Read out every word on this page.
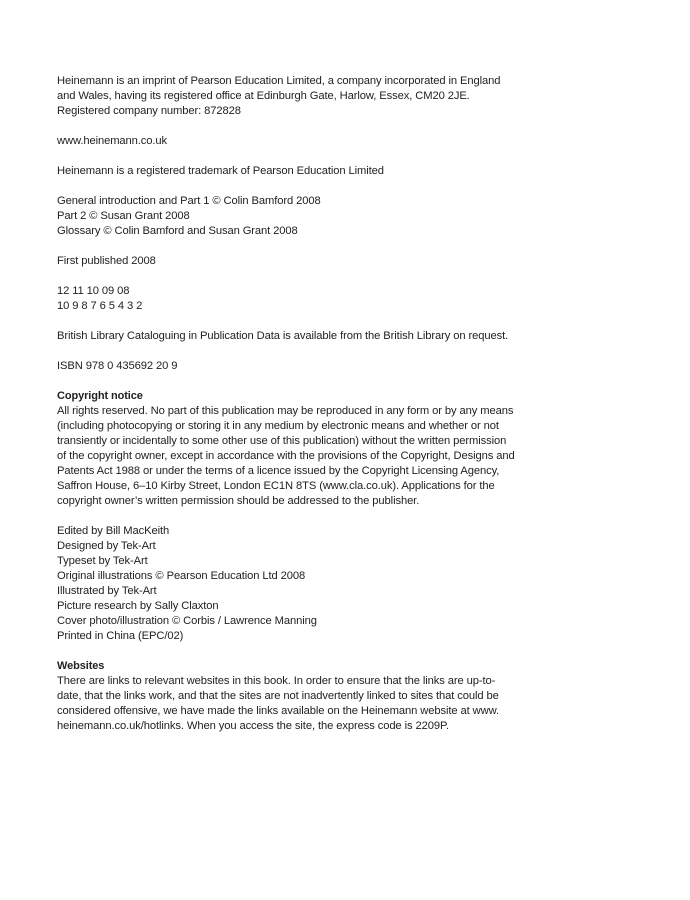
Heinemann is an imprint of Pearson Education Limited, a company incorporated in England
and Wales, having its registered office at Edinburgh Gate, Harlow, Essex, CM20 2JE.
Registered company number: 872828
www.heinemann.co.uk
Heinemann is a registered trademark of Pearson Education Limited
General introduction and Part 1 © Colin Bamford 2008
Part 2 © Susan Grant 2008
Glossary © Colin Bamford and Susan Grant 2008
First published 2008
12 11 10 09 08
10 9 8 7 6 5 4 3 2
British Library Cataloguing in Publication Data is available from the British Library on request.
ISBN 978 0 435692 20 9
Copyright notice
All rights reserved. No part of this publication may be reproduced in any form or by any means
(including photocopying or storing it in any medium by electronic means and whether or not
transiently or incidentally to some other use of this publication) without the written permission
of the copyright owner, except in accordance with the provisions of the Copyright, Designs and
Patents Act 1988 or under the terms of a licence issued by the Copyright Licensing Agency,
Saffron House, 6–10 Kirby Street, London EC1N 8TS (www.cla.co.uk). Applications for the
copyright owner’s written permission should be addressed to the publisher.
Edited by Bill MacKeith
Designed by Tek-Art
Typeset by Tek-Art
Original illustrations © Pearson Education Ltd 2008
Illustrated by Tek-Art
Picture research by Sally Claxton
Cover photo/illustration © Corbis / Lawrence Manning
Printed in China (EPC/02)
Websites
There are links to relevant websites in this book. In order to ensure that the links are up-to-
date, that the links work, and that the sites are not inadvertently linked to sites that could be
considered offensive, we have made the links available on the Heinemann website at www.
heinemann.co.uk/hotlinks. When you access the site, the express code is 2209P.
